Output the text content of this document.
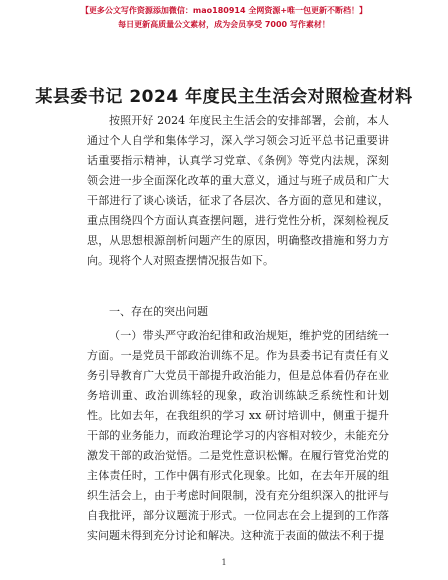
【更多公文写作资源添加微信：mao180914 全网资源+唯一包更新不断档！】
每日更新高质量公文素材，成为会员享受 7000 写作素材！
某县委书记 2024 年度民主生活会对照检查材料
按照开好 2024 年度民主生活会的安排部署，会前，本人通过个人自学和集体学习，深入学习领会习近平总书记重要讲话重要指示精神，认真学习党章、《条例》等党内法规，深刻领会进一步全面深化改革的重大意义，通过与班子成员和广大干部进行了谈心谈话，征求了各层次、各方面的意见和建议，重点围绕四个方面认真查摆问题，进行党性分析，深刻检视反思，从思想根源剖析问题产生的原因，明确整改措施和努力方向。现将个人对照查摆情况报告如下。
一、存在的突出问题
（一）带头严守政治纪律和政治规矩，维护党的团结统一方面。一是党员干部政治训练不足。作为县委书记有责任有义务引导教育广大党员干部提升政治能力，但是总体看仍存在业务培训重、政治训练轻的现象，政治训练缺乏系统性和计划性。比如去年，在我组织的学习 xx 研讨培训中，侧重于提升干部的业务能力，而政治理论学习的内容相对较少，未能充分激发干部的政治觉悟。二是党性意识松懈。在履行管党治党的主体责任时，工作中偶有形式化现象。比如，在去年开展的组织生活会上，由于考虑时间限制，没有充分组织深入的批评与自我批评，部分议题流于形式。一位同志在会上提到的工作落实问题未得到充分讨论和解决。这种流于表面的做法不利于提
1
